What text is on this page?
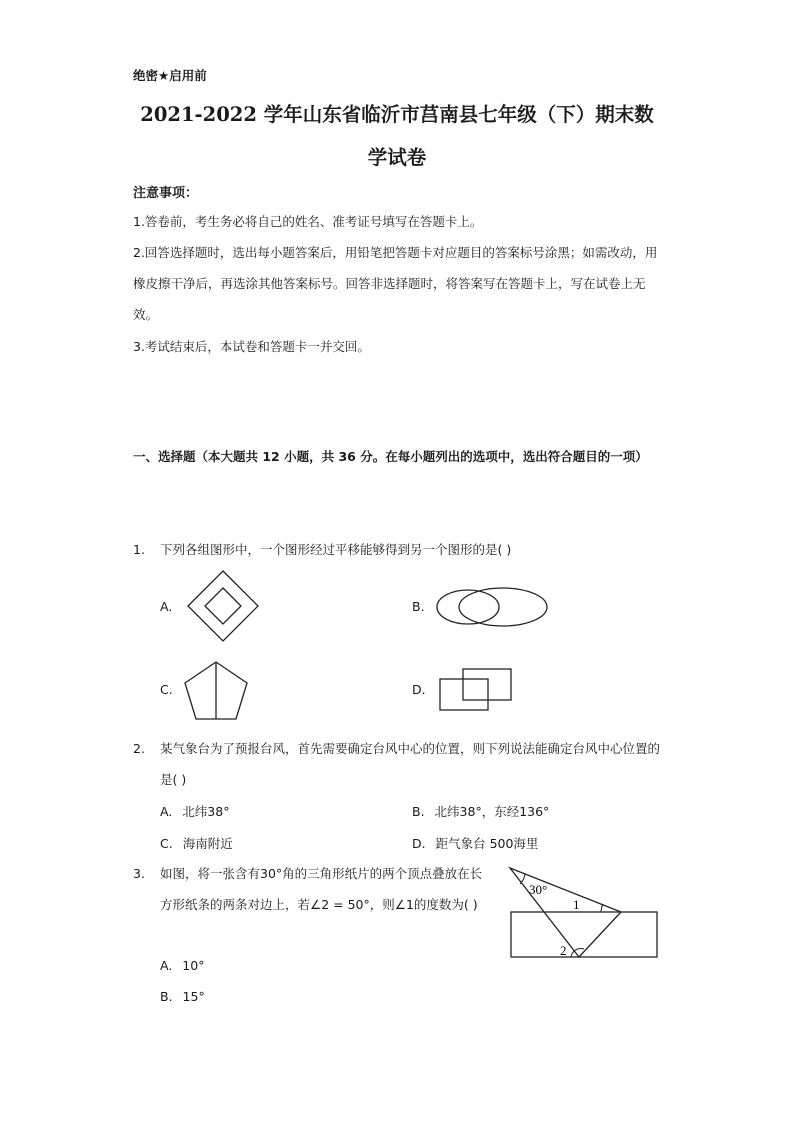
绝密★启用前
2021-2022 学年山东省临沂市莒南县七年级（下）期末数
学试卷
注意事项：
1.答卷前，考生务必将自己的姓名、准考证号填写在答题卡上。
2.回答选择题时，选出每小题答案后，用铅笔把答题卡对应题目的答案标号涂黑；如需改动，用橡皮擦干净后，再选涂其他答案标号。回答非选择题时，将答案写在答题卡上，写在试卷上无效。
3.考试结束后，本试卷和答题卡一并交回。
一、选择题（本大题共 12 小题，共 36 分。在每小题列出的选项中，选出符合题目的一项）
1. 下列各组图形中，一个图形经过平移能够得到另一个图形的是( )
A.	B.
C.	D.
2. 某气象台为了预报台风，首先需要确定台风中心的位置，则下列说法能确定台风中心位置的是( )
A. 北纬38°	B. 北纬38°，东经136°
C. 海南附近	D. 距气象台 500海里
3. 如图，将一张含有30°角的三角形纸片的两个顶点叠放在长方形纸条的两条对边上，若∠2 = 50°，则∠1的度数为( )
30°
1
2
A. 10°
B. 15°
